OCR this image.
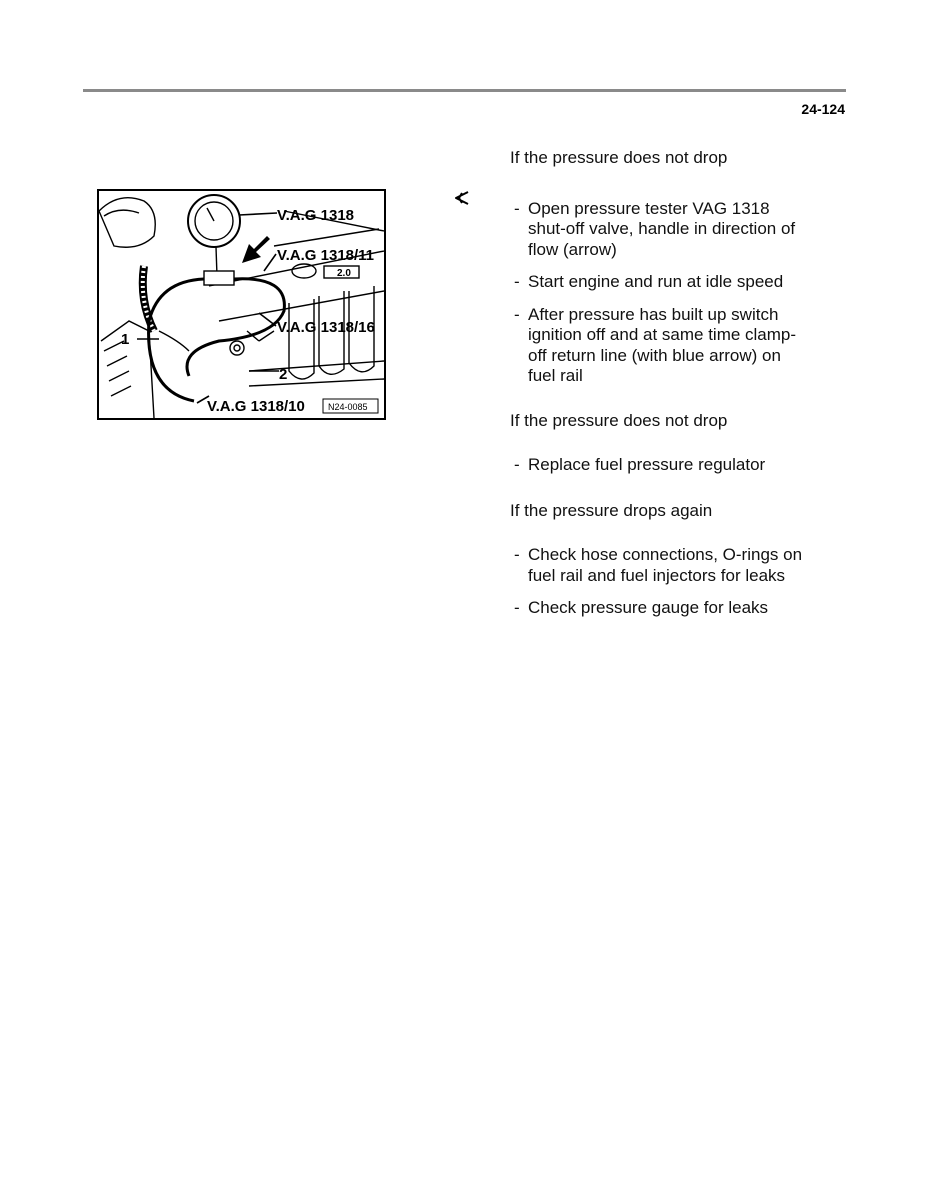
24-124
V.A.G 1318
V.A.G 1318/11
V.A.G 1318/16
V.A.G 1318/10
1
2
2.0
N24-0085

If the pressure does not drop

- Open pressure tester VAG 1318
shut-off valve, handle in direction of
flow (arrow)
- Start engine and run at idle speed
- After pressure has built up switch
ignition off and at same time clamp-
off return line (with blue arrow) on
fuel rail

If the pressure does not drop

- Replace fuel pressure regulator

If the pressure drops again

- Check hose connections, O-rings on
fuel rail and fuel injectors for leaks
- Check pressure gauge for leaks
